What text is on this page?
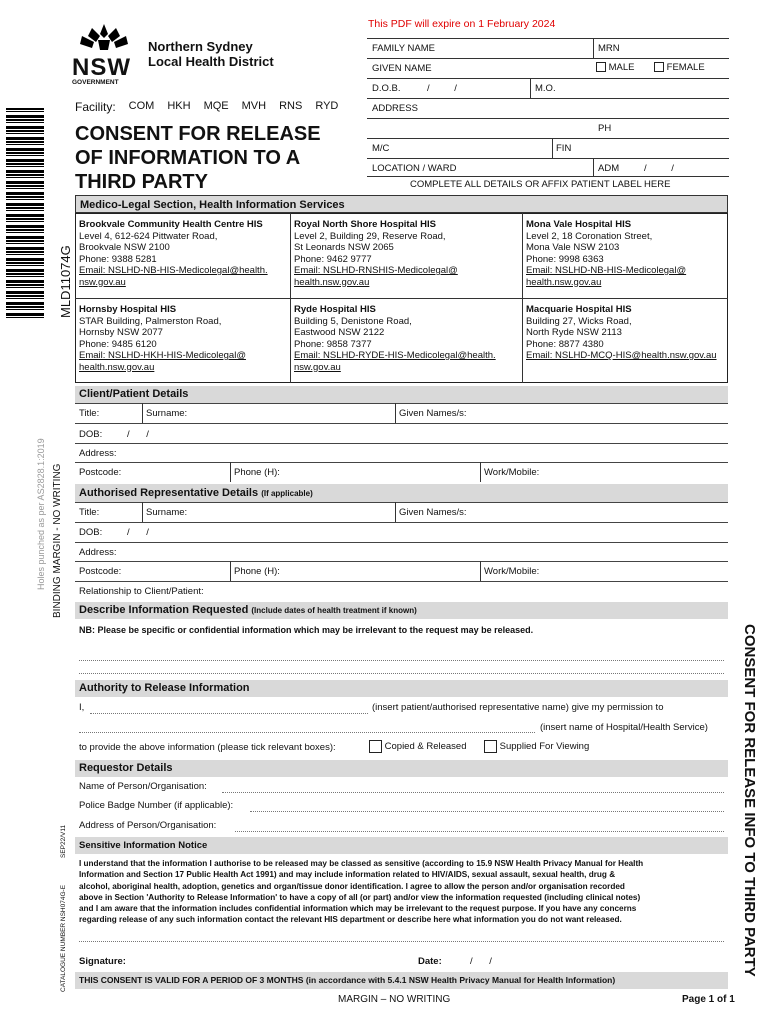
MLD11074G
Holes punched as per AS2828.1:2019 BINDING MARGIN - NO WRITING
CATALOGUE NUMBER NSH074G-E
SEP22/V11	CONSENT FOR RELEASE INFO TO THIRD PARTY
This PDF will expire on 1 February 2024
NSW
GOVERNMENT
Northern Sydney
Local Health District
Facility: COM HKH MQE MVH RNS RYD
CONSENT FOR RELEASE
OF INFORMATION TO A
THIRD PARTY
FAMILY NAME	MRN
GIVEN NAME	MALE	FEMALE
D.O.B.	/ /	M.O.
ADDRESS
PH
M/C	FIN
LOCATION / WARD	ADM	/ /
COMPLETE ALL DETAILS OR AFFIX PATIENT LABEL HERE
Medico-Legal Section, Health Information Services
Brookvale Community Health Centre HIS
Level 4, 612-624 Pittwater Road,
Brookvale NSW 2100
Phone: 9388 5281
Email: NSLHD-NB-HIS-Medicolegal@health.
nsw.gov.au
Royal North Shore Hospital HIS
Level 2, Building 29, Reserve Road,
St Leonards NSW 2065
Phone: 9462 9777
Email: NSLHD-RNSHIS-Medicolegal@
health.nsw.gov.au
Mona Vale Hospital HIS
Level 2, 18 Coronation Street,
Mona Vale NSW 2103
Phone: 9998 6363
Email: NSLHD-NB-HIS-Medicolegal@
health.nsw.gov.au
Hornsby Hospital HIS
STAR Building, Palmerston Road,
Hornsby NSW 2077
Phone: 9485 6120
Email: NSLHD-HKH-HIS-Medicolegal@
health.nsw.gov.au
Ryde Hospital HIS
Building 5, Denistone Road,
Eastwood NSW 2122
Phone: 9858 7377
Email: NSLHD-RYDE-HIS-Medicolegal@health.
nsw.gov.au
Macquarie Hospital HIS
Building 27, Wicks Road,
North Ryde NSW 2113
Phone: 8877 4380
Email: NSLHD-MCQ-HIS@health.nsw.gov.au
Client/Patient Details
Title:	Surname:	Given Names/s:
DOB:	/ /
Address:
Postcode:	Phone (H):	Work/Mobile:
Authorised Representative Details (If applicable)
Title:	Surname:	Given Names/s:
DOB:	/ /
Address:
Postcode:	Phone (H):	Work/Mobile:
Relationship to Client/Patient:
Describe Information Requested (Include dates of health treatment if known)
NB: Please be specific or confidential information which may be irrelevant to the request may be released.
Authority to Release Information
I,	(insert patient/authorised representative name) give my permission to
(insert name of Hospital/Health Service)
to provide the above information (please tick relevant boxes):	Copied & Released	Supplied For Viewing
Requestor Details
Name of Person/Organisation:
Police Badge Number (if applicable):
Address of Person/Organisation:
Sensitive Information Notice
I understand that the information I authorise to be released may be classed as sensitive (according to 15.9 NSW Health Privacy Manual for Health
Information and Section 17 Public Health Act 1991) and may include information related to HIV/AIDS, sexual assault, sexual health, drug &
alcohol, aboriginal health, adoption, genetics and organ/tissue donor identification. I agree to allow the person and/or organisation recorded
above in Section 'Authority to Release Information' to have a copy of all (or part) and/or view the information requested (including clinical notes)
and I am aware that the information includes confidential information which may be irrelevant to the request purpose. If you have any concerns
regarding release of any such information contact the relevant HIS department or describe here what information you do not want released.
Signature:	Date:	/ /
THIS CONSENT IS VALID FOR A PERIOD OF 3 MONTHS (in accordance with 5.4.1 NSW Health Privacy Manual for Health Information)
MARGIN – NO WRITING	Page 1 of 1
